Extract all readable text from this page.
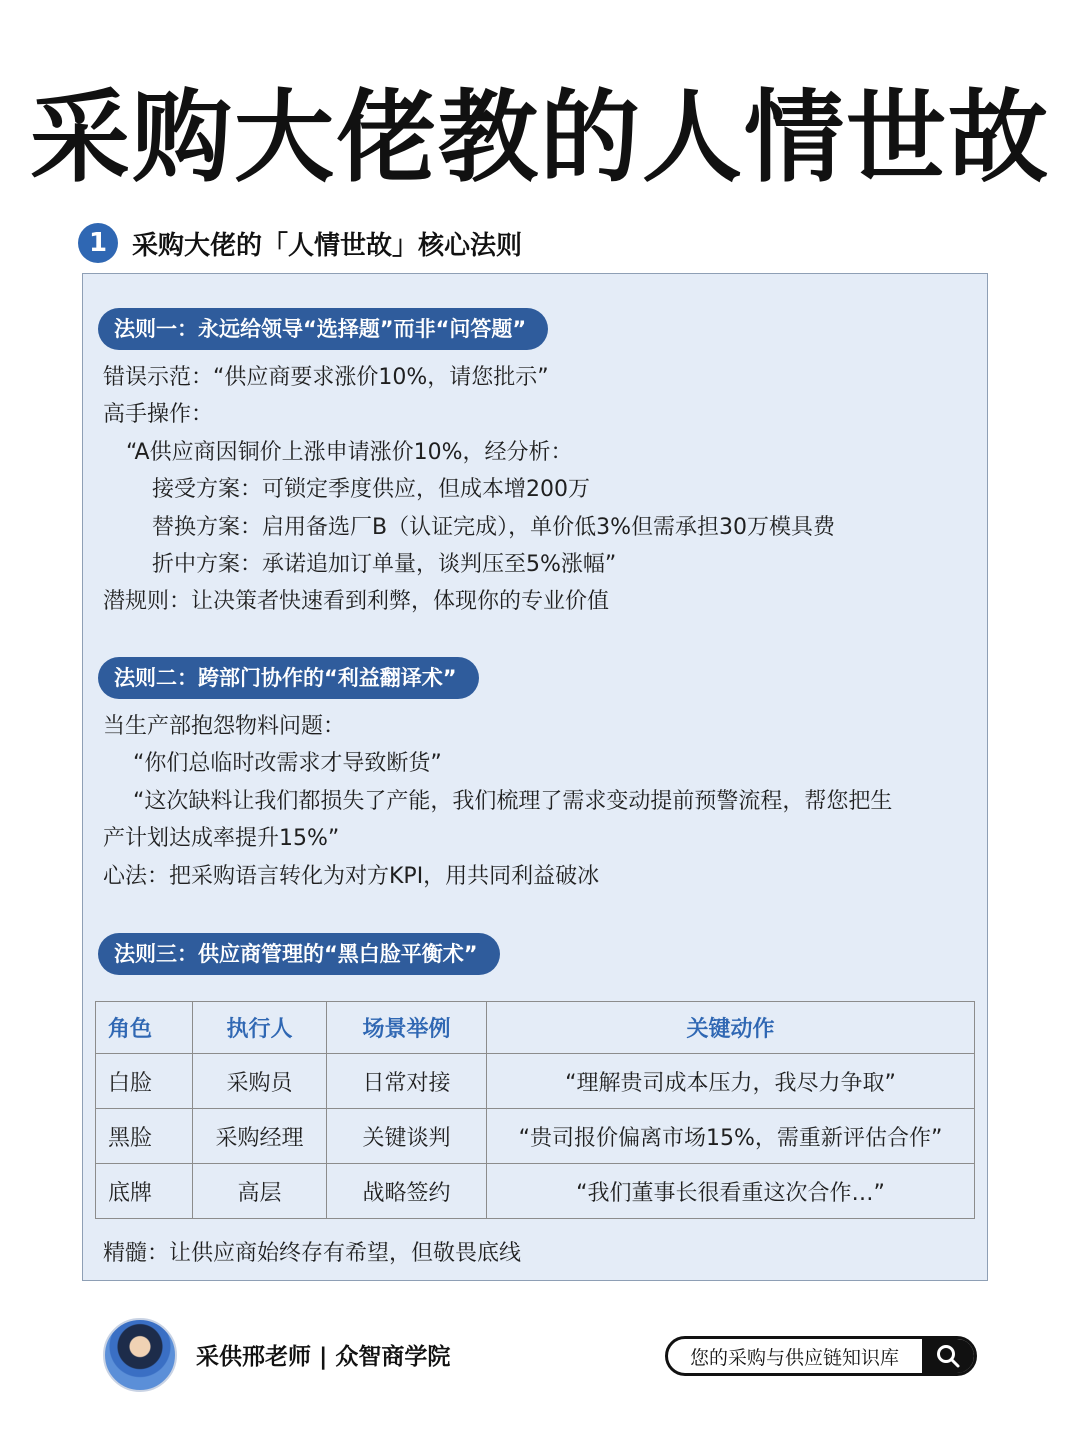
采购大佬教的人情世故
1 采购大佬的「人情世故」核心法则
法则一：永远给领导“选择题”而非“问答题”
错误示范：“供应商要求涨价10%，请您批示”
高手操作：
“A供应商因铜价上涨申请涨价10%，经分析：
接受方案：可锁定季度供应，但成本增200万
替换方案：启用备选厂B（认证完成），单价低3%但需承担30万模具费
折中方案：承诺追加订单量，谈判压至5%涨幅”
潜规则：让决策者快速看到利弊，体现你的专业价值
法则二：跨部门协作的“利益翻译术”
当生产部抱怨物料问题：
“你们总临时改需求才导致断货”
“这次缺料让我们都损失了产能，我们梳理了需求变动提前预警流程，帮您把生
产计划达成率提升15%”
心法：把采购语言转化为对方KPI，用共同利益破冰
法则三：供应商管理的“黑白脸平衡术”
角色	执行人	场景举例	关键动作
白脸	采购员	日常对接	“理解贵司成本压力，我尽力争取”
黑脸	采购经理	关键谈判	“贵司报价偏离市场15%，需重新评估合作”
底牌	高层	战略签约	“我们董事长很看重这次合作…”
精髓：让供应商始终存有希望，但敬畏底线
采供邢老师 | 众智商学院	您的采购与供应链知识库
